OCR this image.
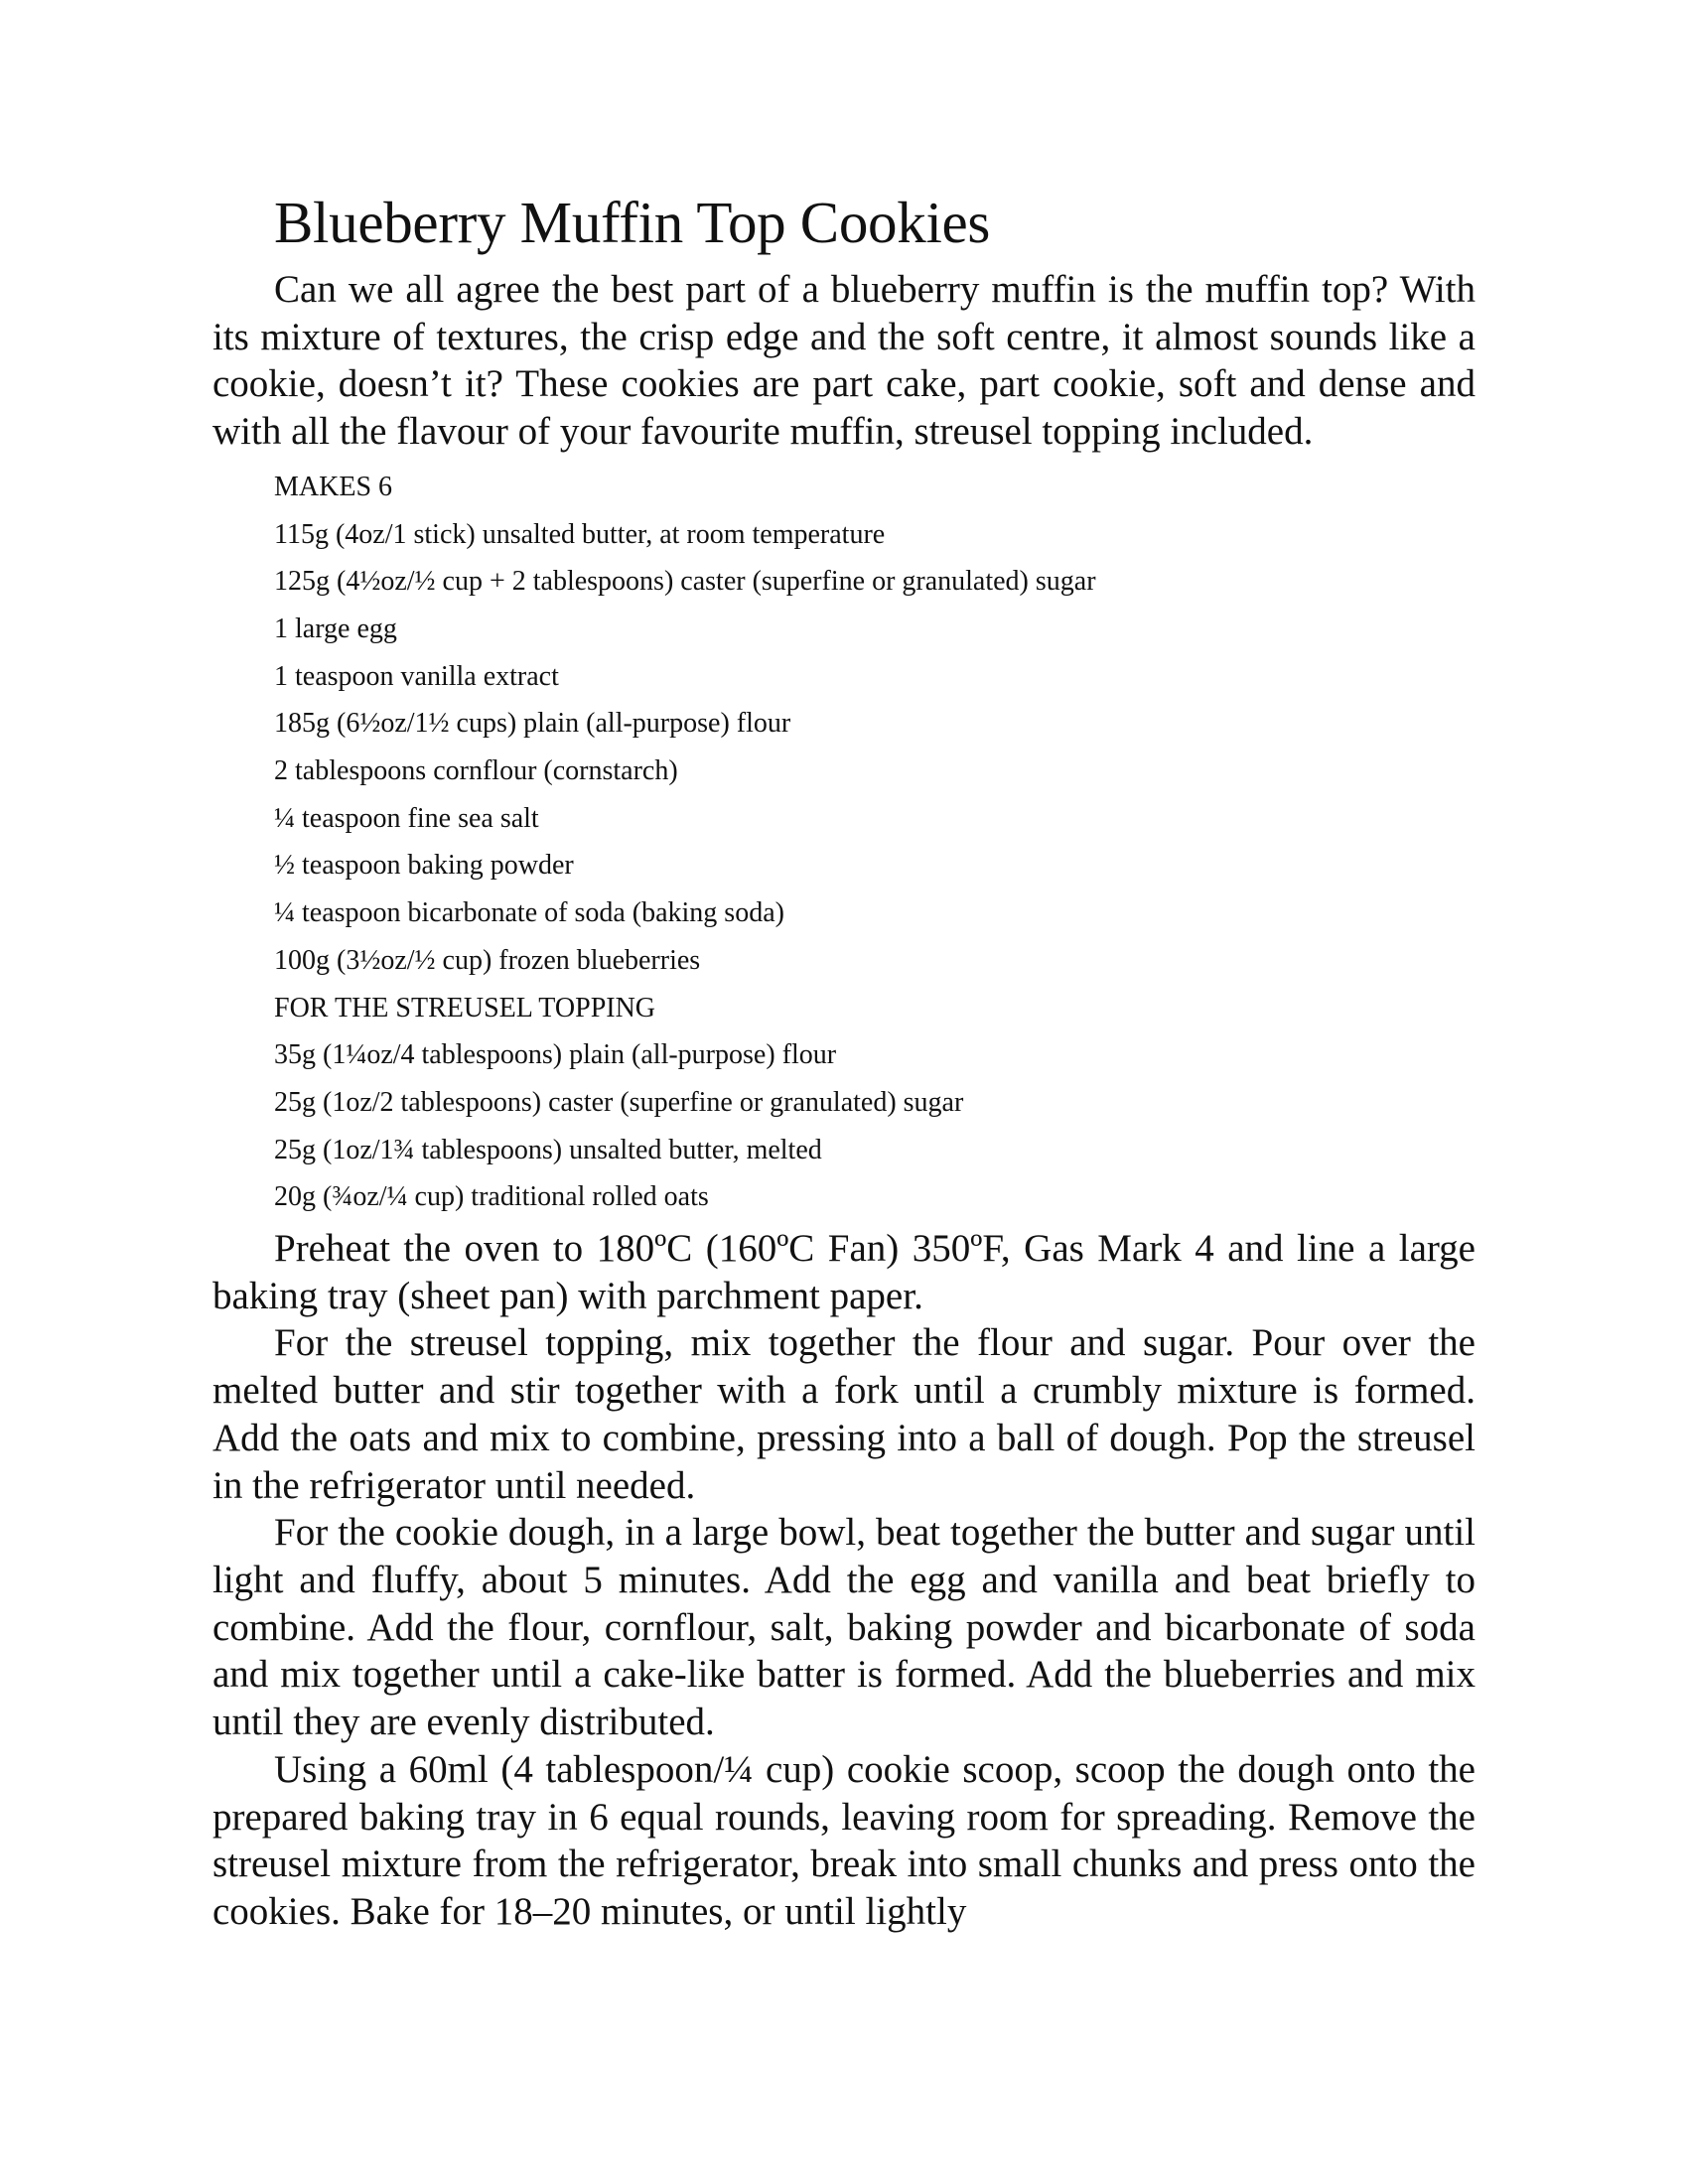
Blueberry Muffin Top Cookies

Can we all agree the best part of a blueberry muffin is the muffin top? With its mixture of textures, the crisp edge and the soft centre, it almost sounds like a cookie, doesn’t it? These cookies are part cake, part cookie, soft and dense and with all the flavour of your favourite muffin, streusel topping included.

MAKES 6
115g (4oz/1 stick) unsalted butter, at room temperature
125g (4½oz/½ cup + 2 tablespoons) caster (superfine or granulated) sugar
1 large egg
1 teaspoon vanilla extract
185g (6½oz/1½ cups) plain (all-purpose) flour
2 tablespoons cornflour (cornstarch)
¼ teaspoon fine sea salt
½ teaspoon baking powder
¼ teaspoon bicarbonate of soda (baking soda)
100g (3½oz/½ cup) frozen blueberries
FOR THE STREUSEL TOPPING
35g (1¼oz/4 tablespoons) plain (all-purpose) flour
25g (1oz/2 tablespoons) caster (superfine or granulated) sugar
25g (1oz/1¾ tablespoons) unsalted butter, melted
20g (¾oz/¼ cup) traditional rolled oats

Preheat the oven to 180ºC (160ºC Fan) 350ºF, Gas Mark 4 and line a large baking tray (sheet pan) with parchment paper.

For the streusel topping, mix together the flour and sugar. Pour over the melted butter and stir together with a fork until a crumbly mixture is formed. Add the oats and mix to combine, pressing into a ball of dough. Pop the streusel in the refrigerator until needed.

For the cookie dough, in a large bowl, beat together the butter and sugar until light and fluffy, about 5 minutes. Add the egg and vanilla and beat briefly to combine. Add the flour, cornflour, salt, baking powder and bicarbonate of soda and mix together until a cake-like batter is formed. Add the blueberries and mix until they are evenly distributed.

Using a 60ml (4 tablespoon/¼ cup) cookie scoop, scoop the dough onto the prepared baking tray in 6 equal rounds, leaving room for spreading. Remove the streusel mixture from the refrigerator, break into small chunks and press onto the cookies. Bake for 18–20 minutes, or until lightly
